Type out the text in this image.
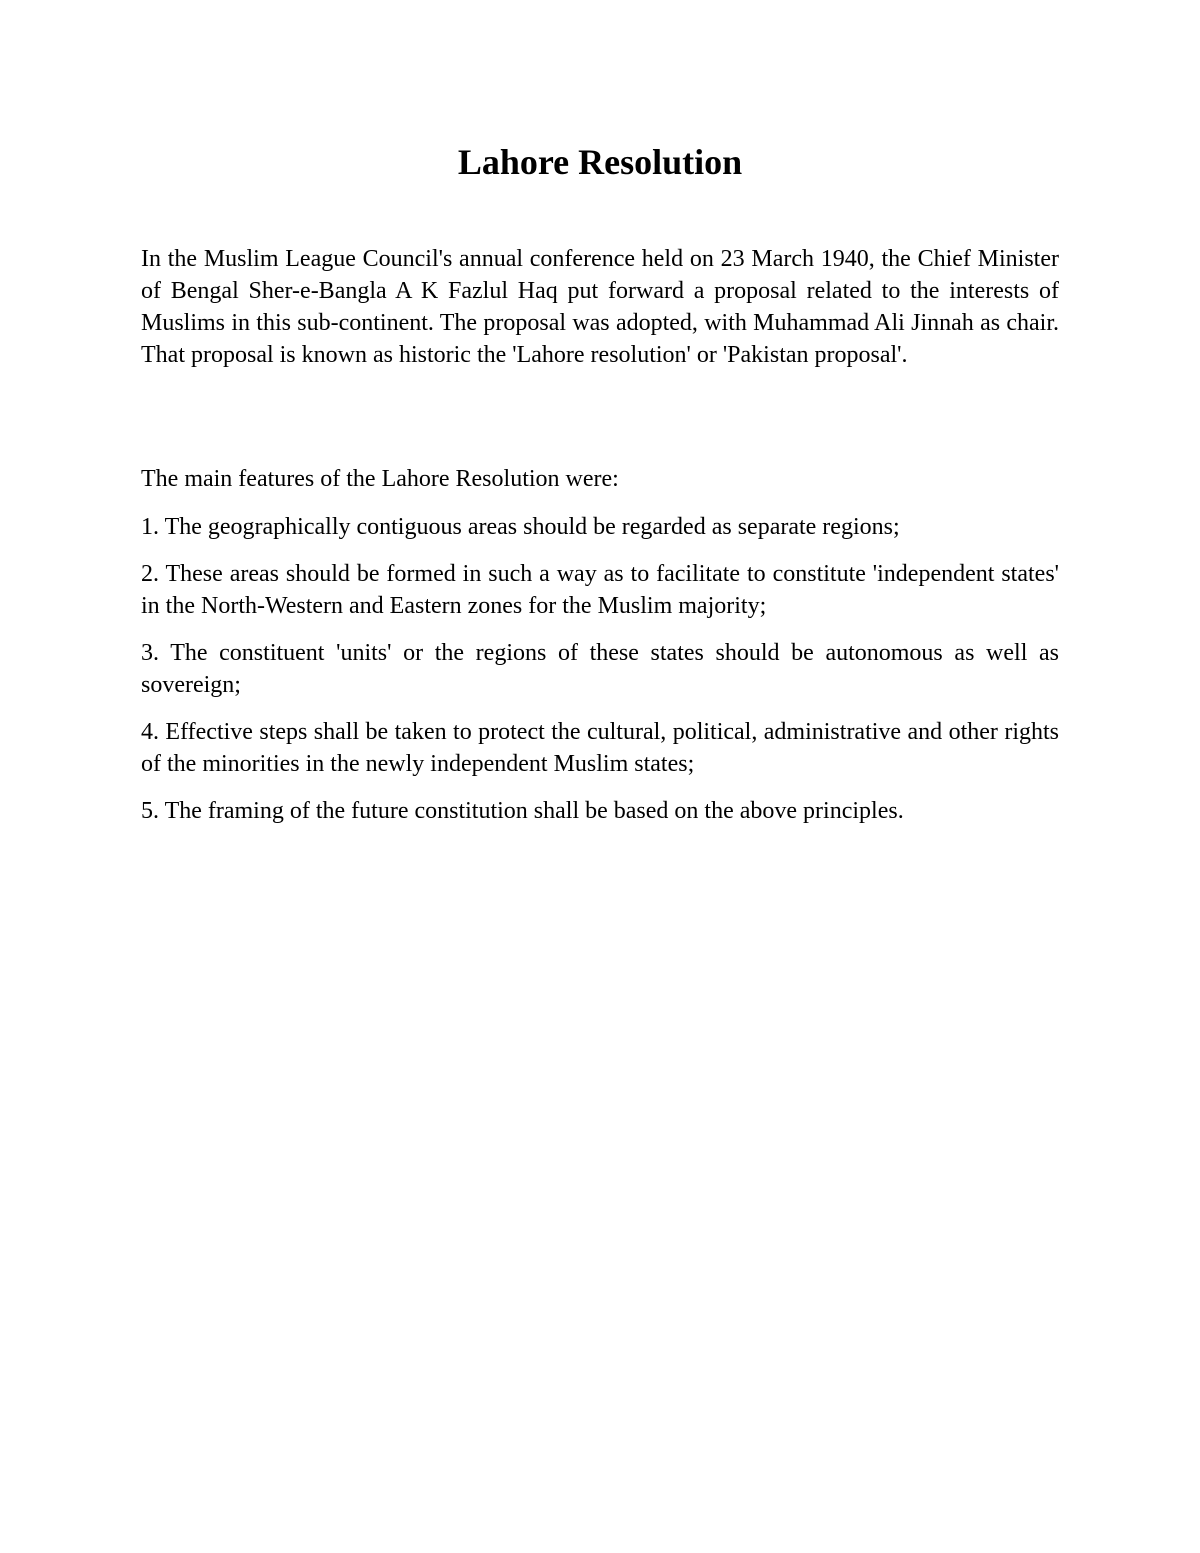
Lahore Resolution

In the Muslim League Council's annual conference held on 23 March 1940, the Chief Minister of Bengal Sher-e-Bangla A K Fazlul Haq put forward a proposal related to the interests of Muslims in this sub-continent. The proposal was adopted, with Muhammad Ali Jinnah as chair. That proposal is known as historic the 'Lahore resolution' or 'Pakistan proposal'.

The main features of the Lahore Resolution were:

1. The geographically contiguous areas should be regarded as separate regions;

2. These areas should be formed in such a way as to facilitate to constitute 'independent states' in the North-Western and Eastern zones for the Muslim majority;

3. The constituent 'units' or the regions of these states should be autonomous as well as sovereign;

4. Effective steps shall be taken to protect the cultural, political, administrative and other rights of the minorities in the newly independent Muslim states;

5. The framing of the future constitution shall be based on the above principles.
